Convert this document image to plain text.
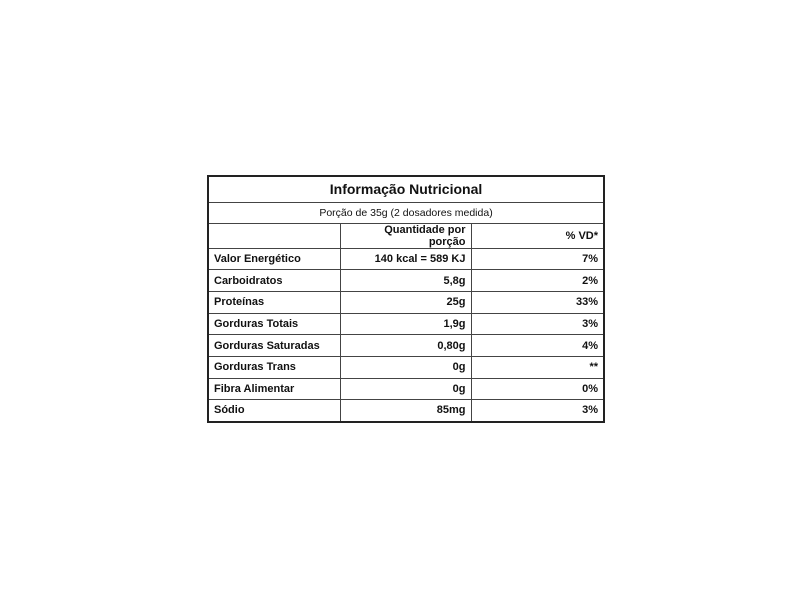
Informação Nutricional		
Porção de 35g (2 dosadores medida)		
	Quantidade por porção	% VD*
Valor Energético	140 kcal = 589 KJ	7%
Carboidratos	5,8g	2%
Proteínas	25g	33%
Gorduras Totais	1,9g	3%
Gorduras Saturadas	0,80g	4%
Gorduras Trans	0g	**
Fibra Alimentar	0g	0%
Sódio	85mg	3%
